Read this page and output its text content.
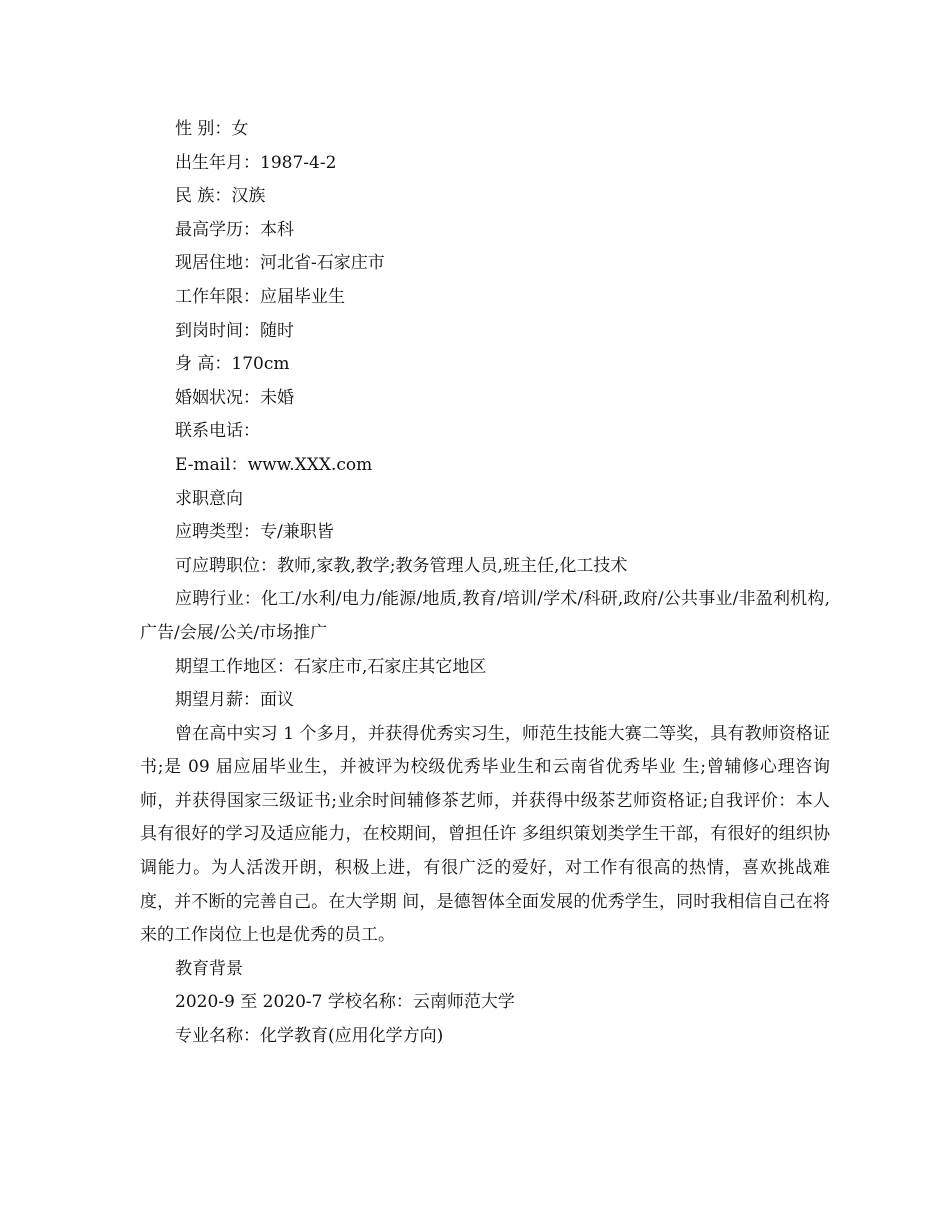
性 别：女

出生年月：1987-4-2

民 族：汉族

最高学历：本科

现居住地：河北省-石家庄市

工作年限：应届毕业生

到岗时间：随时

身 高：170cm

婚姻状况：未婚

联系电话：

E-mail：www.XXX.com

求职意向

应聘类型：专/兼职皆

可应聘职位：教师,家教,教学;教务管理人员,班主任,化工技术

应聘行业：化工/水利/电力/能源/地质,教育/培训/学术/科研,政府/公共事业/非盈利机构,广告/会展/公关/市场推广

期望工作地区：石家庄市,石家庄其它地区

期望月薪：面议

曾在高中实习 1 个多月，并获得优秀实习生，师范生技能大赛二等奖，具有教师资格证书;是 09 届应届毕业生，并被评为校级优秀毕业生和云南省优秀毕业 生;曾辅修心理咨询师，并获得国家三级证书;业余时间辅修茶艺师，并获得中级茶艺师资格证;自我评价：本人具有很好的学习及适应能力，在校期间，曾担任许 多组织策划类学生干部，有很好的组织协调能力。为人活泼开朗，积极上进，有很广泛的爱好，对工作有很高的热情，喜欢挑战难度，并不断的完善自己。在大学期 间，是德智体全面发展的优秀学生，同时我相信自己在将来的工作岗位上也是优秀的员工。

教育背景

2020-9 至 2020-7 学校名称：云南师范大学

专业名称：化学教育(应用化学方向)
